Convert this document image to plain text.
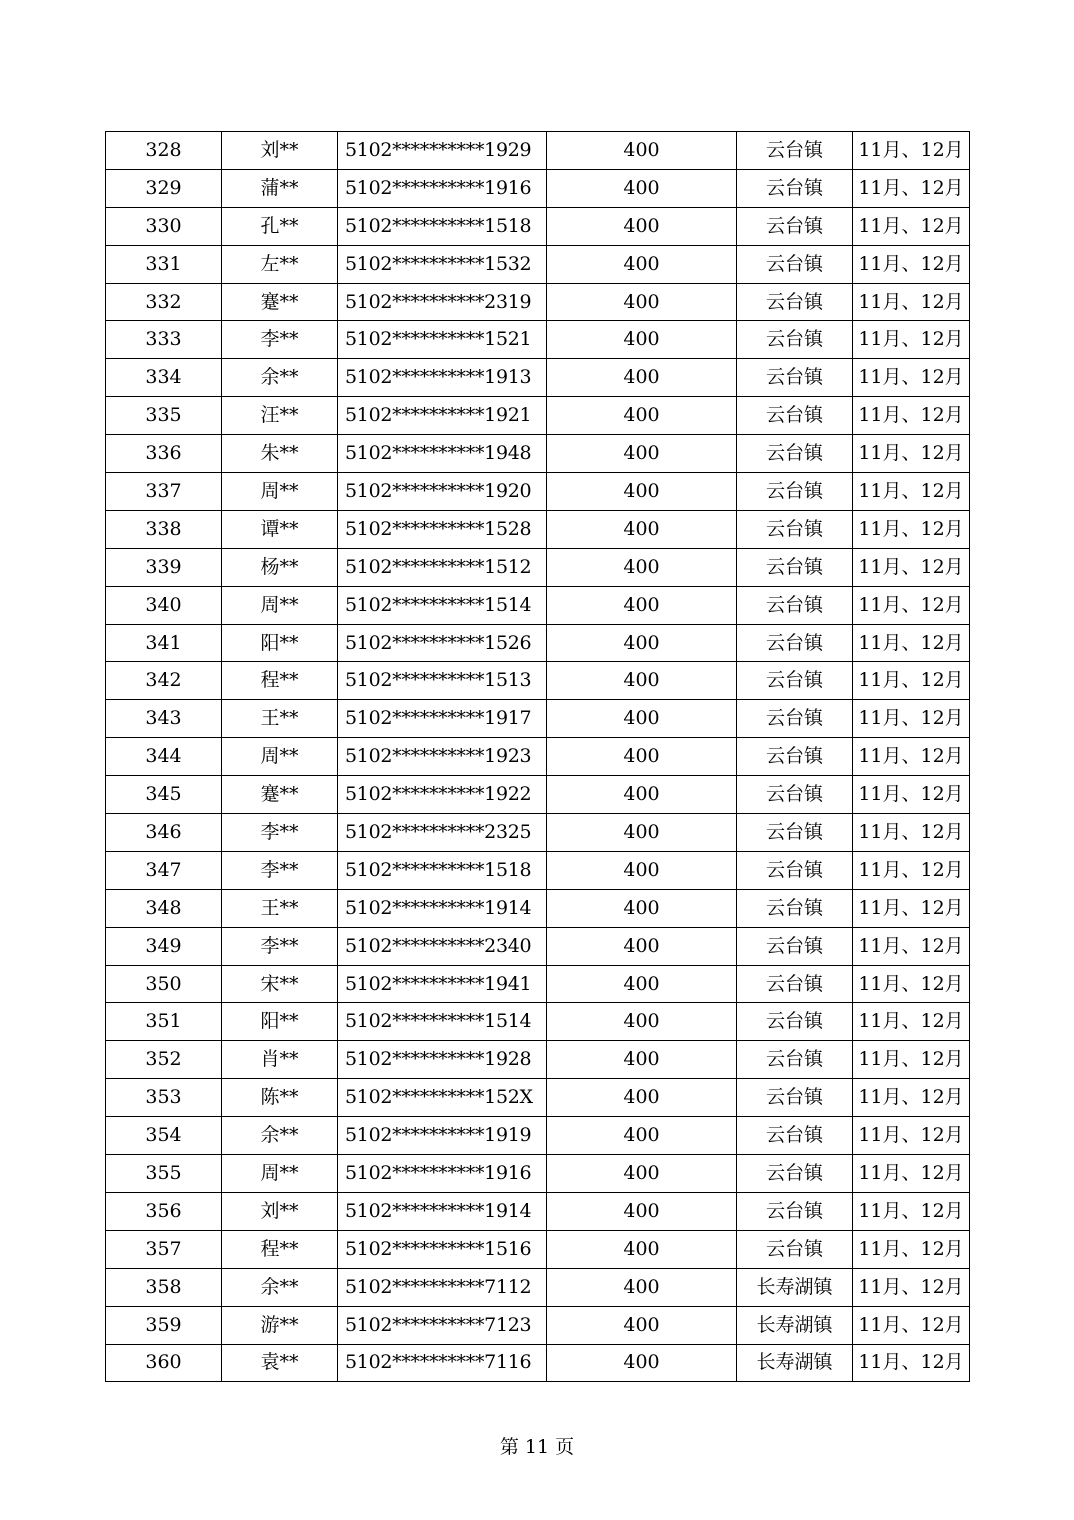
328	刘**	5102**********1929	400	云台镇	11月、12月
329	蒲**	5102**********1916	400	云台镇	11月、12月
330	孔**	5102**********1518	400	云台镇	11月、12月
331	左**	5102**********1532	400	云台镇	11月、12月
332	蹇**	5102**********2319	400	云台镇	11月、12月
333	李**	5102**********1521	400	云台镇	11月、12月
334	余**	5102**********1913	400	云台镇	11月、12月
335	汪**	5102**********1921	400	云台镇	11月、12月
336	朱**	5102**********1948	400	云台镇	11月、12月
337	周**	5102**********1920	400	云台镇	11月、12月
338	谭**	5102**********1528	400	云台镇	11月、12月
339	杨**	5102**********1512	400	云台镇	11月、12月
340	周**	5102**********1514	400	云台镇	11月、12月
341	阳**	5102**********1526	400	云台镇	11月、12月
342	程**	5102**********1513	400	云台镇	11月、12月
343	王**	5102**********1917	400	云台镇	11月、12月
344	周**	5102**********1923	400	云台镇	11月、12月
345	蹇**	5102**********1922	400	云台镇	11月、12月
346	李**	5102**********2325	400	云台镇	11月、12月
347	李**	5102**********1518	400	云台镇	11月、12月
348	王**	5102**********1914	400	云台镇	11月、12月
349	李**	5102**********2340	400	云台镇	11月、12月
350	宋**	5102**********1941	400	云台镇	11月、12月
351	阳**	5102**********1514	400	云台镇	11月、12月
352	肖**	5102**********1928	400	云台镇	11月、12月
353	陈**	5102**********152X	400	云台镇	11月、12月
354	余**	5102**********1919	400	云台镇	11月、12月
355	周**	5102**********1916	400	云台镇	11月、12月
356	刘**	5102**********1914	400	云台镇	11月、12月
357	程**	5102**********1516	400	云台镇	11月、12月
358	余**	5102**********7112	400	长寿湖镇	11月、12月
359	游**	5102**********7123	400	长寿湖镇	11月、12月
360	袁**	5102**********7116	400	长寿湖镇	11月、12月
第 11 页
